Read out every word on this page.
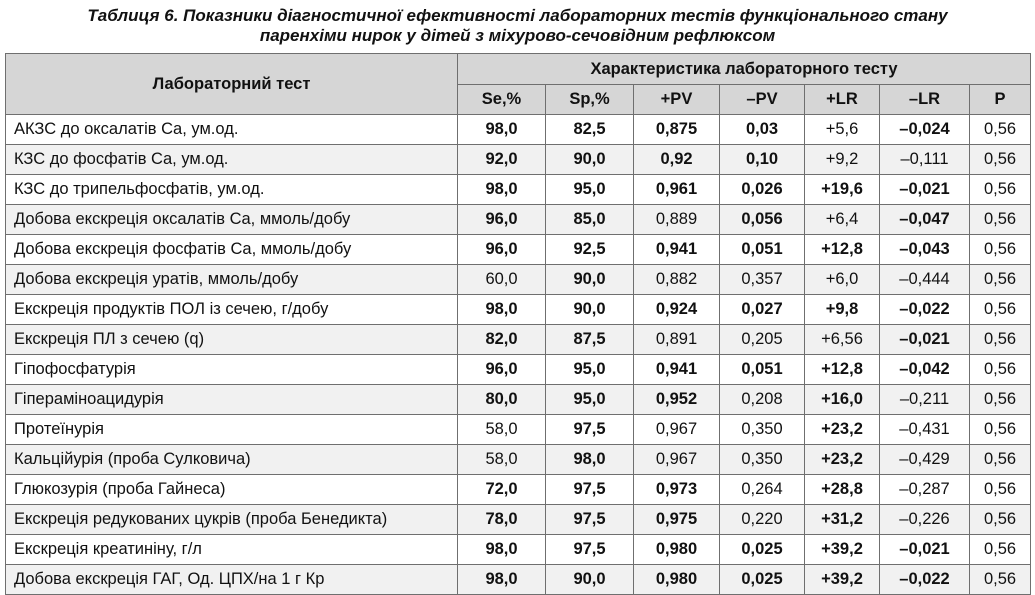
Таблиця 6. Показники діагностичної ефективності лабораторних тестів функціонального стану
паренхіми нирок у дітей з міхурово-сечовідним рефлюксом
Лабораторний тест	Характеристика лабораторного тесту						
	Se,%	Sp,%	+PV	–PV	+LR	–LR	P
АКЗС до оксалатів Ca, ум.од.	98,0	82,5	0,875	0,03	+5,6	–0,024	0,56
КЗС до фосфатів Ca, ум.од.	92,0	90,0	0,92	0,10	+9,2	–0,111	0,56
КЗС до трипельфосфатів, ум.од.	98,0	95,0	0,961	0,026	+19,6	–0,021	0,56
Добова екскреція оксалатів Ca, ммоль/добу	96,0	85,0	0,889	0,056	+6,4	–0,047	0,56
Добова екскреція фосфатів Ca, ммоль/добу	96,0	92,5	0,941	0,051	+12,8	–0,043	0,56
Добова екскреція уратів, ммоль/добу	60,0	90,0	0,882	0,357	+6,0	–0,444	0,56
Екскреція продуктів ПОЛ із сечею, г/добу	98,0	90,0	0,924	0,027	+9,8	–0,022	0,56
Екскреція ПЛ з сечею (q)	82,0	87,5	0,891	0,205	+6,56	–0,021	0,56
Гіпофосфатурія	96,0	95,0	0,941	0,051	+12,8	–0,042	0,56
Гіпераміноацидурія	80,0	95,0	0,952	0,208	+16,0	–0,211	0,56
Протеїнурія	58,0	97,5	0,967	0,350	+23,2	–0,431	0,56
Кальційурія (проба Сулковича)	58,0	98,0	0,967	0,350	+23,2	–0,429	0,56
Глюкозурія (проба Гайнеса)	72,0	97,5	0,973	0,264	+28,8	–0,287	0,56
Екскреція редукованих цукрів (проба Бенедикта)	78,0	97,5	0,975	0,220	+31,2	–0,226	0,56
Екскреція креатиніну, г/л	98,0	97,5	0,980	0,025	+39,2	–0,021	0,56
Добова екскреція ГАГ, Од. ЦПХ/на 1 г Кр	98,0	90,0	0,980	0,025	+39,2	–0,022	0,56
